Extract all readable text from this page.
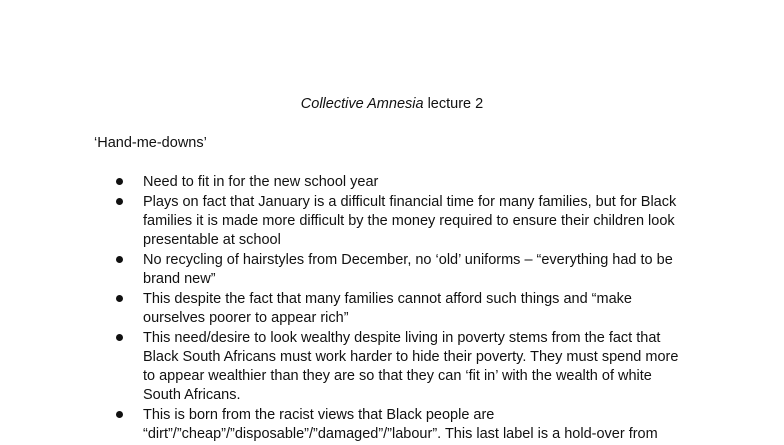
Collective Amnesia lecture 2
‘Hand-me-downs’
Need to fit in for the new school year
Plays on fact that January is a difficult financial time for many families, but for Black families it is made more difficult by the money required to ensure their children look presentable at school
No recycling of hairstyles from December, no ‘old’ uniforms – “everything had to be brand new”
This despite the fact that many families cannot afford such things and “make ourselves poorer to appear rich”
This need/desire to look wealthy despite living in poverty stems from the fact that Black South Africans must work harder to hide their poverty. They must spend more to appear wealthier than they are so that they can ‘fit in’ with the wealth of white South Africans.
This is born from the racist views that Black people are “dirt”/”cheap”/”disposable”/”damaged”/”labour”. This last label is a hold-over from
